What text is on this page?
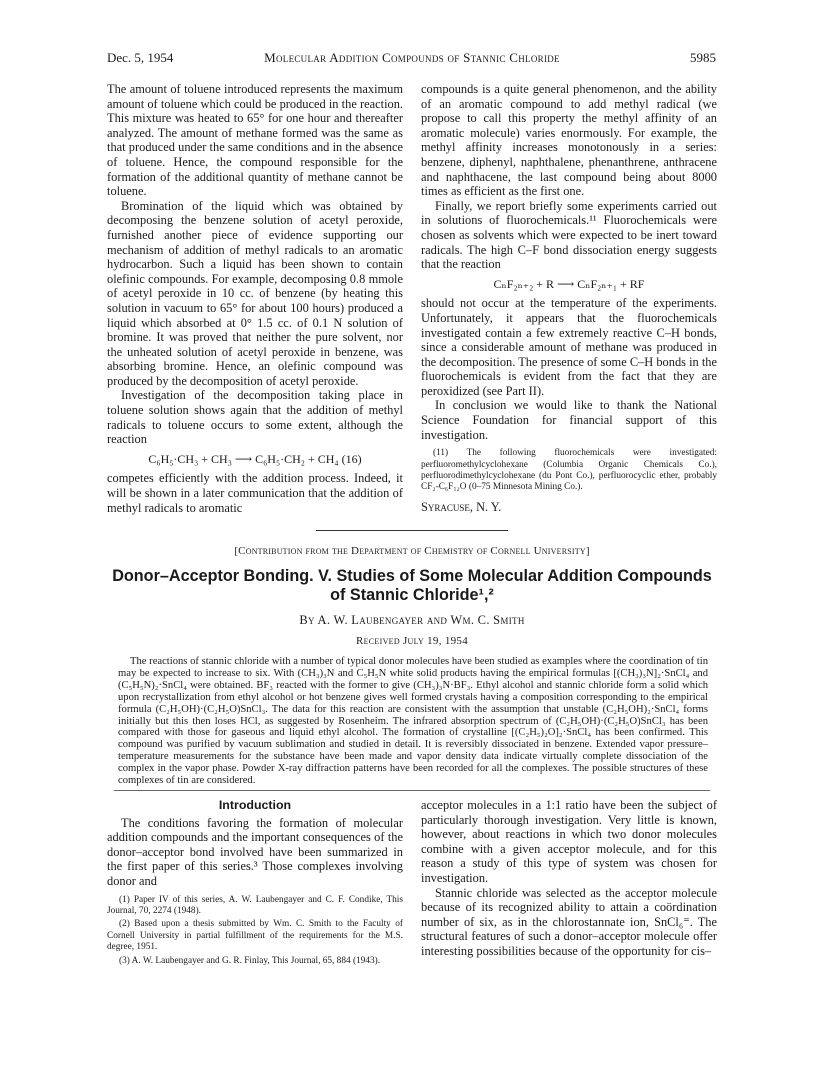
Dec. 5, 1954	Molecular Addition Compounds of Stannic Chloride	5985

The amount of toluene introduced represents the maximum amount of toluene which could be produced in the reaction. This mixture was heated to 65° for one hour and thereafter analyzed. The amount of methane formed was the same as that produced under the same conditions and in the absence of toluene. Hence, the compound responsible for the formation of the additional quantity of methane cannot be toluene.

Bromination of the liquid which was obtained by decomposing the benzene solution of acetyl peroxide, furnished another piece of evidence supporting our mechanism of addition of methyl radicals to an aromatic hydrocarbon. Such a liquid has been shown to contain olefinic compounds. For example, decomposing 0.8 mmole of acetyl peroxide in 10 cc. of benzene (by heating this solution in vacuum to 65° for about 100 hours) produced a liquid which absorbed at 0° 1.5 cc. of 0.1 N solution of bromine. It was proved that neither the pure solvent, nor the unheated solution of acetyl peroxide in benzene, was absorbing bromine. Hence, an olefinic compound was produced by the decomposition of acetyl peroxide.

Investigation of the decomposition taking place in toluene solution shows again that the addition of methyl radicals to toluene occurs to some extent, although the reaction

C₆H₅·CH₃ + CH₃ ⟶ C₆H₅·CH₂ + CH₄ (16)

competes efficiently with the addition process. Indeed, it will be shown in a later communication that the addition of methyl radicals to aromatic

compounds is a quite general phenomenon, and the ability of an aromatic compound to add methyl radical (we propose to call this property the methyl affinity of an aromatic molecule) varies enormously. For example, the methyl affinity increases monotonously in a series: benzene, diphenyl, naphthalene, phenanthrene, anthracene and naphthacene, the last compound being about 8000 times as efficient as the first one.

Finally, we report briefly some experiments carried out in solutions of fluorochemicals.¹¹ Fluorochemicals were chosen as solvents which were expected to be inert toward radicals. The high C–F bond dissociation energy suggests that the reaction

CₙF₂ₙ₊₂ + R ⟶ CₙF₂ₙ₊₁ + RF

should not occur at the temperature of the experiments. Unfortunately, it appears that the fluorochemicals investigated contain a few extremely reactive C–H bonds, since a considerable amount of methane was produced in the decomposition. The presence of some C–H bonds in the fluorochemicals is evident from the fact that they are peroxidized (see Part II).

In conclusion we would like to thank the National Science Foundation for financial support of this investigation.

(11) The following fluorochemicals were investigated: perfluoromethylcyclohexane (Columbia Organic Chemicals Co.), perfluorodimethylcyclohexane (du Pont Co.), perfluorocyclic ether, probably CF₂-C₆F₁₂O (0–75 Minnesota Mining Co.).
Syracuse, N. Y.
[Contribution from the Department of Chemistry of Cornell University]
Donor–Acceptor Bonding. V. Studies of Some Molecular Addition Compounds of Stannic Chloride¹,²
By A. W. Laubengayer and Wm. C. Smith
Received July 19, 1954
The reactions of stannic chloride with a number of typical donor molecules have been studied as examples where the coordination of tin may be expected to increase to six. With (CH₃)₃N and C₅H₅N white solid products having the empirical formulas [(CH₃)₃N]₂·SnCl₄ and (C₅H₅N)₂·SnCl₄ were obtained. BF₃ reacted with the former to give (CH₃)₃N·BF₃. Ethyl alcohol and stannic chloride form a solid which upon recrystallization from ethyl alcohol or hot benzene gives well formed crystals having a composition corresponding to the empirical formula (C₂H₅OH)·(C₂H₅O)SnCl₃. The data for this reaction are consistent with the assumption that unstable (C₂H₅OH)₂·SnCl₄ forms initially but this then loses HCl, as suggested by Rosenheim. The infrared absorption spectrum of (C₂H₅OH)·(C₂H₅O)SnCl₃ has been compared with those for gaseous and liquid ethyl alcohol. The formation of crystalline [(C₂H₅)₂O]₂·SnCl₄ has been confirmed. This compound was purified by vacuum sublimation and studied in detail. It is reversibly dissociated in benzene. Extended vapor pressure–temperature measurements for the substance have been made and vapor density data indicate virtually complete dissociation of the complex in the vapor phase. Powder X-ray diffraction patterns have been recorded for all the complexes. The possible structures of these complexes of tin are considered.
Introduction

The conditions favoring the formation of molecular addition compounds and the important consequences of the donor–acceptor bond involved have been summarized in the first paper of this series.³ Those complexes involving donor and

(1) Paper IV of this series, A. W. Laubengayer and C. F. Condike, This Journal, 70, 2274 (1948).
(2) Based upon a thesis submitted by Wm. C. Smith to the Faculty of Cornell University in partial fulfillment of the requirements for the M.S. degree, 1951.
(3) A. W. Laubengayer and G. R. Finlay, This Journal, 65, 884 (1943).

acceptor molecules in a 1:1 ratio have been the subject of particularly thorough investigation. Very little is known, however, about reactions in which two donor molecules combine with a given acceptor molecule, and for this reason a study of this type of system was chosen for investigation.

Stannic chloride was selected as the acceptor molecule because of its recognized ability to attain a coördination number of six, as in the chlorostannate ion, SnCl₆⁼. The structural features of such a donor–acceptor molecule offer interesting possibilities because of the opportunity for cis–
